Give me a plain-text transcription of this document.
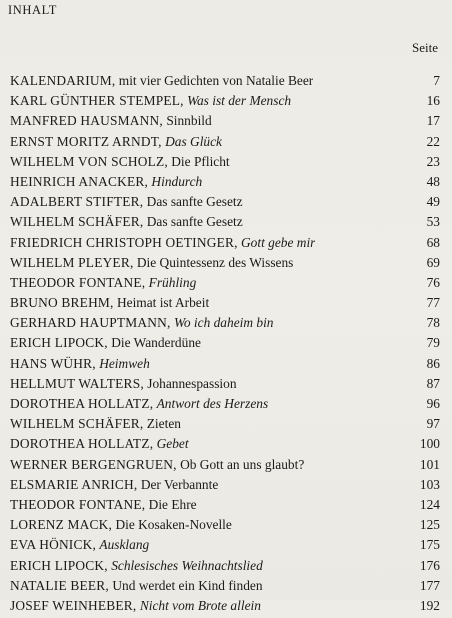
INHALT
Seite
KALENDARIUM, mit vier Gedichten von Natalie Beer	7
KARL GÜNTHER STEMPEL, Was ist der Mensch	16
MANFRED HAUSMANN, Sinnbild	17
ERNST MORITZ ARNDT, Das Glück	22
WILHELM VON SCHOLZ, Die Pflicht	23
HEINRICH ANACKER, Hindurch	48
ADALBERT STIFTER, Das sanfte Gesetz	49
WILHELM SCHÄFER, Das sanfte Gesetz	53
FRIEDRICH CHRISTOPH OETINGER, Gott gebe mir	68
WILHELM PLEYER, Die Quintessenz des Wissens	69
THEODOR FONTANE, Frühling	76
BRUNO BREHM, Heimat ist Arbeit	77
GERHARD HAUPTMANN, Wo ich daheim bin	78
ERICH LIPOCK, Die Wanderdüne	79
HANS WÜHR, Heimweh	86
HELLMUT WALTERS, Johannespassion	87
DOROTHEA HOLLATZ, Antwort des Herzens	96
WILHELM SCHÄFER, Zieten	97
DOROTHEA HOLLATZ, Gebet	100
WERNER BERGENGRUEN, Ob Gott an uns glaubt?	101
ELSMARIE ANRICH, Der Verbannte	103
THEODOR FONTANE, Die Ehre	124
LORENZ MACK, Die Kosaken-Novelle	125
EVA HÖNICK, Ausklang	175
ERICH LIPOCK, Schlesisches Weihnachtslied	176
NATALIE BEER, Und werdet ein Kind finden	177
JOSEF WEINHEBER, Nicht vom Brote allein	192
